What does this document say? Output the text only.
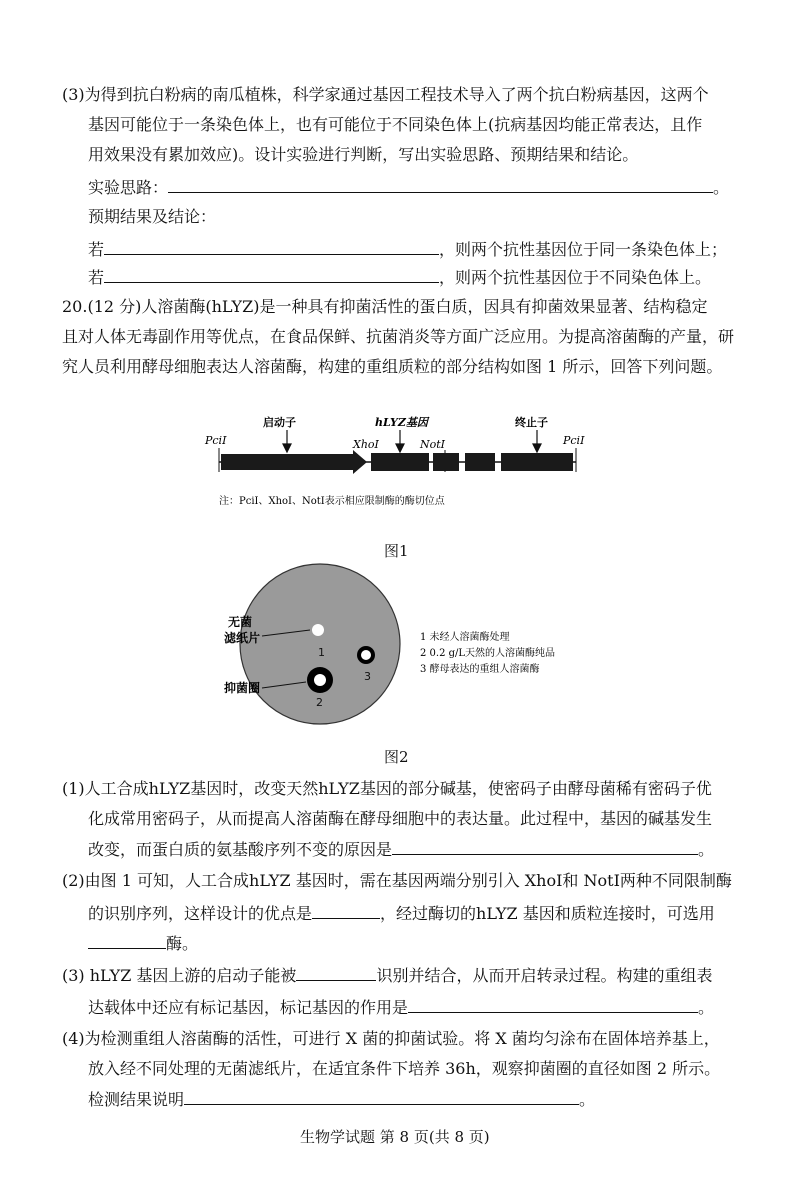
(3)为得到抗白粉病的南瓜植株，科学家通过基因工程技术导入了两个抗白粉病基因，这两个
基因可能位于一条染色体上，也有可能位于不同染色体上(抗病基因均能正常表达，且作
用效果没有累加效应)。设计实验进行判断，写出实验思路、预期结果和结论。
实验思路：	。
预期结果及结论：
若	，则两个抗性基因位于同一条染色体上；
若	，则两个抗性基因位于不同染色体上。
20.(12 分)人溶菌酶(hLYZ)是一种具有抑菌活性的蛋白质，因具有抑菌效果显著、结构稳定
且对人体无毒副作用等优点，在食品保鲜、抗菌消炎等方面广泛应用。为提高溶菌酶的产量，研
究人员利用酵母细胞表达人溶菌酶，构建的重组质粒的部分结构如图 1 所示，回答下列问题。
启动子	hLYZ基因	终止子
PciⅠ	XhoⅠ	NotⅠ	PciⅠ
注：PciⅠ、XhoⅠ、NotⅠ表示相应限制酶的酶切位点
图1
1
2
3
无菌
滤纸片
抑菌圈
1 未经人溶菌酶处理
2 0.2 g/L天然的人溶菌酶纯品
3 酵母表达的重组人溶菌酶
图2
(1)人工合成hLYZ基因时，改变天然hLYZ基因的部分碱基，使密码子由酵母菌稀有密码子优
化成常用密码子，从而提高人溶菌酶在酵母细胞中的表达量。此过程中，基因的碱基发生
改变，而蛋白质的氨基酸序列不变的原因是	。
(2)由图 1 可知，人工合成hLYZ 基因时，需在基因两端分别引入 XhoⅠ和 NotⅠ两种不同限制酶
的识别序列，这样设计的优点是	，经过酶切的hLYZ 基因和质粒连接时，可选用
酶。
(3) hLYZ 基因上游的启动子能被	识别并结合，从而开启转录过程。构建的重组表
达载体中还应有标记基因，标记基因的作用是	。
(4)为检测重组人溶菌酶的活性，可进行 X 菌的抑菌试验。将 X 菌均匀涂布在固体培养基上，
放入经不同处理的无菌滤纸片，在适宜条件下培养 36h，观察抑菌圈的直径如图 2 所示。
检测结果说明	。
生物学试题 第 8 页(共 8 页)
